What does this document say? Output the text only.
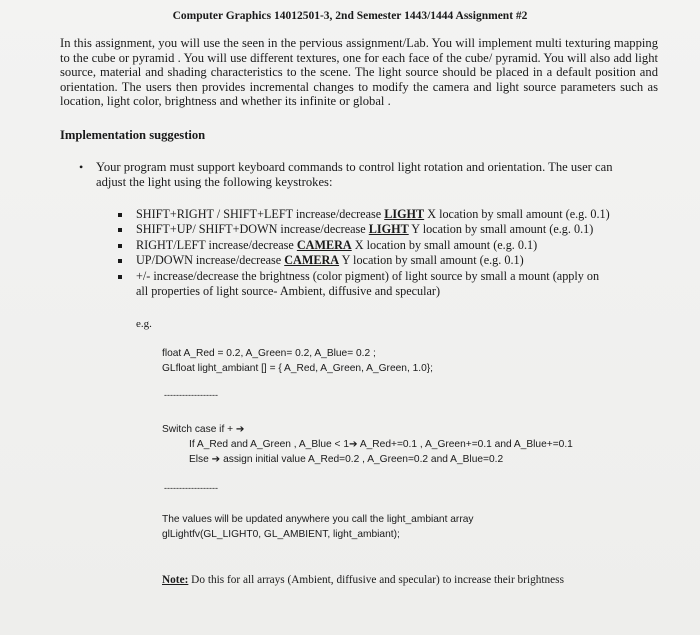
Computer Graphics 14012501-3, 2nd Semester 1443/1444 Assignment #2
In this assignment, you will use the seen in the pervious assignment/Lab. You will implement multi texturing mapping to the cube or pyramid . You will use different textures, one for each face of the cube/ pyramid. You will also add light source, material and shading characteristics to the scene. The light source should be placed in a default position and orientation. The users then provides incremental changes to modify the camera and light source parameters such as location, light color, brightness and whether its infinite or global .
Implementation suggestion
• Your program must support keyboard commands to control light rotation and orientation. The user can
adjust the light using the following keystrokes:
SHIFT+RIGHT / SHIFT+LEFT increase/decrease LIGHT X location by small amount (e.g. 0.1)
SHIFT+UP/ SHIFT+DOWN increase/decrease LIGHT Y location by small amount (e.g. 0.1)
RIGHT/LEFT increase/decrease CAMERA X location by small amount (e.g. 0.1)
UP/DOWN increase/decrease CAMERA Y location by small amount (e.g. 0.1)
+/- increase/decrease the brightness (color pigment) of light source by small a mount (apply on
all properties of light source- Ambient, diffusive and specular)
e.g.
float A_Red = 0.2, A_Green= 0.2, A_Blue= 0.2 ;
GLfloat light_ambiant [] = { A_Red, A_Green, A_Green, 1.0};
------------------
Switch case if + ➔
If A_Red and A_Green , A_Blue < 1➔ A_Red+=0.1 , A_Green+=0.1 and A_Blue+=0.1
Else ➔ assign initial value A_Red=0.2 , A_Green=0.2 and A_Blue=0.2
------------------
The values will be updated anywhere you call the light_ambiant array
glLightfv(GL_LIGHT0, GL_AMBIENT, light_ambiant);
Note: Do this for all arrays (Ambient, diffusive and specular) to increase their brightness
